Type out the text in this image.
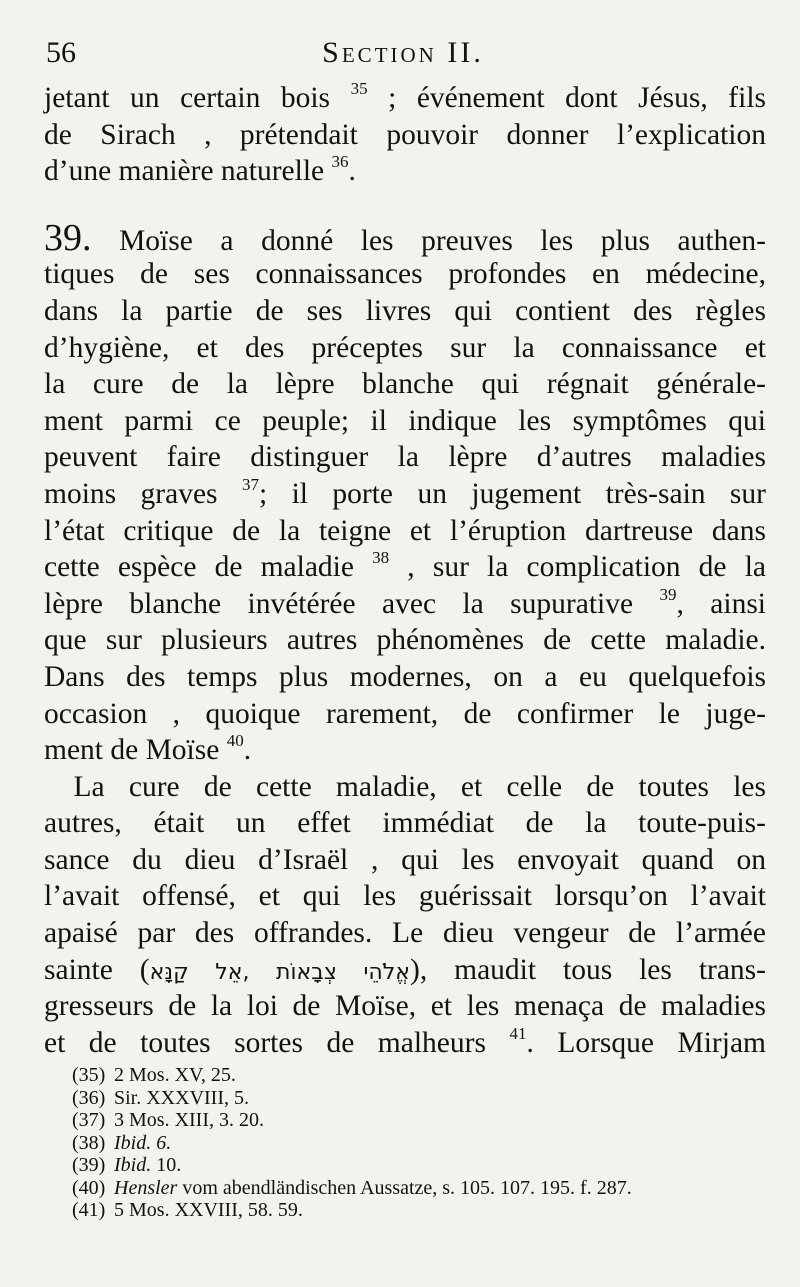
56	Section II.
jetant un certain bois $^{35}$ ; événement dont Jésus, fils
de Sirach , prétendait pouvoir donner l’explication
d’une manière naturelle $^{36}$.
39. Moïse a donné les preuves les plus authen-
tiques de ses connaissances profondes en médecine,
dans la partie de ses livres qui contient des règles
d’hygiène, et des préceptes sur la connaissance et
la cure de la lèpre blanche qui régnait générale-
ment parmi ce peuple; il indique les symptômes qui
peuvent faire distinguer la lèpre d’autres maladies
moins graves $^{37}$; il porte un jugement très-sain sur
l’état critique de la teigne et l’éruption dartreuse dans
cette espèce de maladie $^{38}$ , sur la complication de la
lèpre blanche invétérée avec la supurative $^{39}$, ainsi
que sur plusieurs autres phénomènes de cette maladie.
Dans des temps plus modernes, on a eu quelquefois
occasion , quoique rarement, de confirmer le juge-
ment de Moïse $^{40}$.
 La cure de cette maladie, et celle de toutes les
autres, était un effet immédiat de la toute-puis-
sance du dieu d’Israël , qui les envoyait quand on
l’avait offensé, et qui les guérissait lorsqu’on l’avait
apaisé par des offrandes. Le dieu vengeur de l’armée
sainte (אֱלֹהֵי צְבָאוֹת ,אֵל קַנָּא), maudit tous les trans-
gresseurs de la loi de Moïse, et les menaça de maladies
et de toutes sortes de malheurs $^{41}$. Lorsque Mirjam
(35) 2 Mos. XV, 25.
(36) Sir. XXXVIII, 5.
(37) 3 Mos. XIII, 3. 20.
(38) Ibid. 6.
(39) Ibid. 10.
(40) Hensler vom abendländischen Aussatze, s. 105. 107. 195. f. 287.
(41) 5 Mos. XXVIII, 58. 59.
